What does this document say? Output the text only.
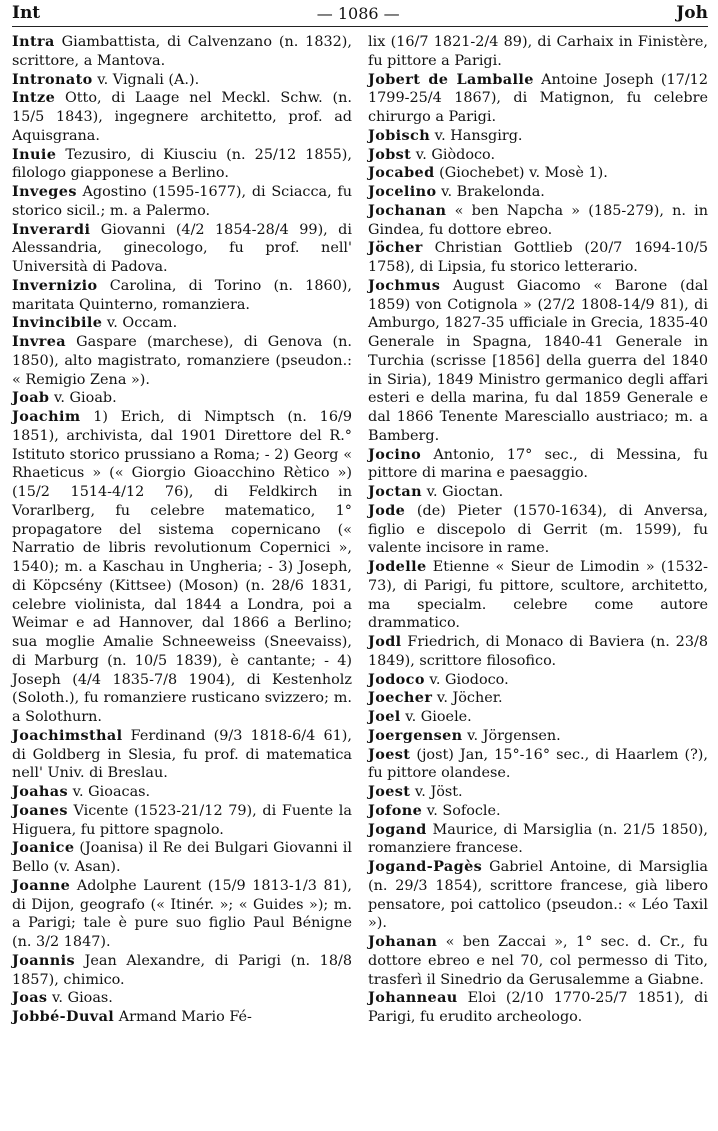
Int	— 1086 —	Joh

Intra Giambattista, di Calvenzano (n. 1832), scrittore, a Mantova.

Intronato v. Vignali (A.).

Intze Otto, di Laage nel Meckl. Schw. (n. 15/5 1843), ingegnere architetto, prof. ad Aquisgrana.

Inuie Tezusiro, di Kiusciu (n. 25/12 1855), filologo giapponese a Berlino.

Inveges Agostino (1595-1677), di Sciacca, fu storico sicil.; m. a Palermo.

Inverardi Giovanni (4/2 1854-28/4 99), di Alessandria, ginecologo, fu prof. nell' Università di Padova.

Invernizio Carolina, di Torino (n. 1860), maritata Quinterno, romanziera.

Invincibile v. Occam.

Invrea Gaspare (marchese), di Genova (n. 1850), alto magistrato, romanziere (pseudon.: « Remigio Zena »).

Joab v. Gioab.

Joachim 1) Erich, di Nimptsch (n. 16/9 1851), archivista, dal 1901 Direttore del R.° Istituto storico prussiano a Roma; - 2) Georg « Rhaeticus » (« Giorgio Gioacchino Rètico ») (15/2 1514-4/12 76), di Feldkirch in Vorarlberg, fu celebre matematico, 1° propagatore del sistema copernicano (« Narratio de libris revolutionum Copernici », 1540); m. a Kaschau in Ungheria; - 3) Joseph, di Köpcsény (Kittsee) (Moson) (n. 28/6 1831, celebre violinista, dal 1844 a Londra, poi a Weimar e ad Hannover, dal 1866 a Berlino; sua moglie Amalie Schneeweiss (Sneevaiss), di Marburg (n. 10/5 1839), è cantante; - 4) Joseph (4/4 1835-7/8 1904), di Kestenholz (Soloth.), fu romanziere rusticano svizzero; m. a Solothurn.

Joachimsthal Ferdinand (9/3 1818-6/4 61), di Goldberg in Slesia, fu prof. di matematica nell' Univ. di Breslau.

Joahas v. Gioacas.

Joanes Vicente (1523-21/12 79), di Fuente la Higuera, fu pittore spagnolo.

Joanice (Joanisa) il Re dei Bulgari Giovanni il Bello (v. Asan).

Joanne Adolphe Laurent (15/9 1813-1/3 81), di Dijon, geografo (« Itinér. »; « Guides »); m. a Parigi; tale è pure suo figlio Paul Bénigne (n. 3/2 1847).

Joannis Jean Alexandre, di Parigi (n. 18/8 1857), chimico.

Joas v. Gioas.

Jobbé-Duval Armand Mario Fé-

lix (16/7 1821-2/4 89), di Carhaix in Finistère, fu pittore a Parigi.

Jobert de Lamballe Antoine Joseph (17/12 1799-25/4 1867), di Matignon, fu celebre chirurgo a Parigi.

Jobisch v. Hansgirg.

Jobst v. Giòdoco.

Jocabed (Giochebet) v. Mosè 1).

Jocelino v. Brakelonda.

Jochanan « ben Napcha » (185-279), n. in Gindea, fu dottore ebreo.

Jöcher Christian Gottlieb (20/7 1694-10/5 1758), di Lipsia, fu storico letterario.

Jochmus August Giacomo « Barone (dal 1859) von Cotignola » (27/2 1808-14/9 81), di Amburgo, 1827-35 ufficiale in Grecia, 1835-40 Generale in Spagna, 1840-41 Generale in Turchia (scrisse [1856] della guerra del 1840 in Siria), 1849 Ministro germanico degli affari esteri e della marina, fu dal 1859 Generale e dal 1866 Tenente Maresciallo austriaco; m. a Bamberg.

Jocino Antonio, 17° sec., di Messina, fu pittore di marina e paesaggio.

Joctan v. Gioctan.

Jode (de) Pieter (1570-1634), di Anversa, figlio e discepolo di Gerrit (m. 1599), fu valente incisore in rame.

Jodelle Etienne « Sieur de Limodin » (1532-73), di Parigi, fu pittore, scultore, architetto, ma specialm. celebre come autore drammatico.

Jodl Friedrich, di Monaco di Baviera (n. 23/8 1849), scrittore filosofico.

Jodoco v. Giodoco.

Joecher v. Jöcher.

Joel v. Gioele.

Joergensen v. Jörgensen.

Joest (jost) Jan, 15°-16° sec., di Haarlem (?), fu pittore olandese.

Joest v. Jöst.

Jofone v. Sofocle.

Jogand Maurice, di Marsiglia (n. 21/5 1850), romanziere francese.

Jogand-Pagès Gabriel Antoine, di Marsiglia (n. 29/3 1854), scrittore francese, già libero pensatore, poi cattolico (pseudon.: « Léo Taxil »).

Johanan « ben Zaccai », 1° sec. d. Cr., fu dottore ebreo e nel 70, col permesso di Tito, trasferì il Sinedrio da Gerusalemme a Giabne.

Johanneau Eloi (2/10 1770-25/7 1851), di Parigi, fu erudito archeologo.
